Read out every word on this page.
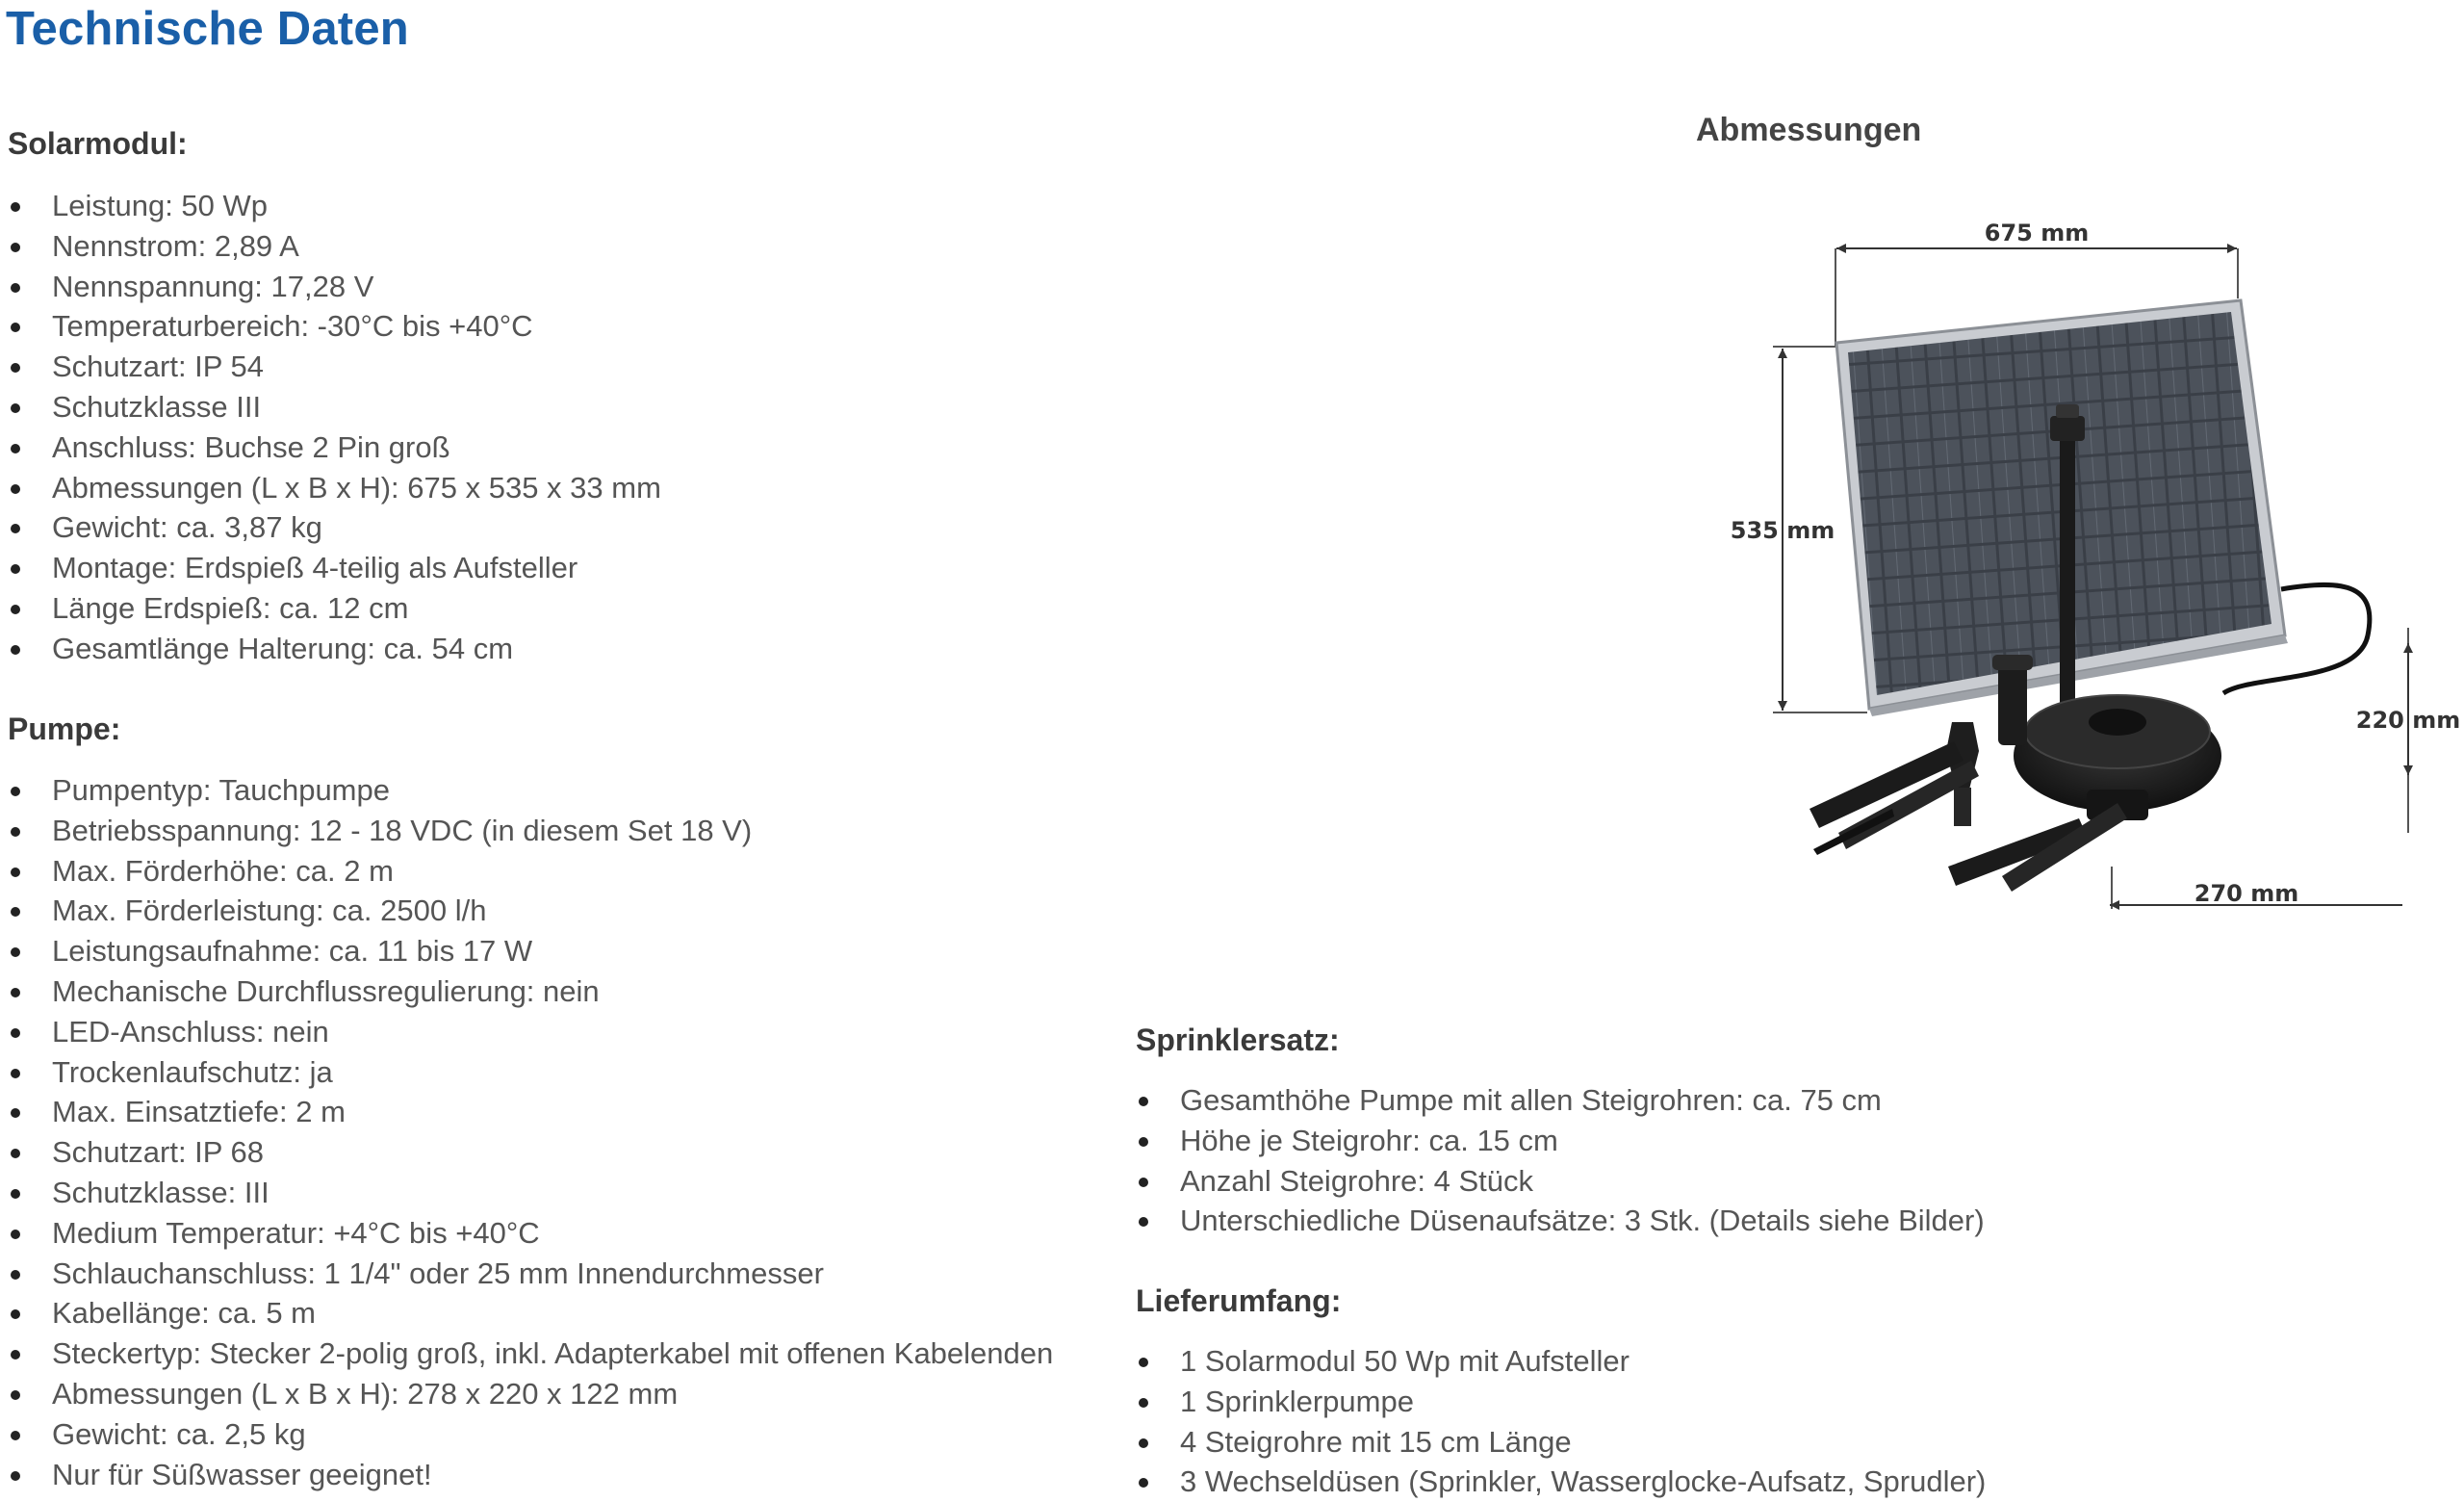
Technische Daten
Solarmodul:
Leistung: 50 Wp
Nennstrom: 2,89 A
Nennspannung: 17,28 V
Temperaturbereich: -30°C bis +40°C
Schutzart: IP 54
Schutzklasse III
Anschluss: Buchse 2 Pin groß
Abmessungen (L x B x H): 675 x 535 x 33 mm
Gewicht: ca. 3,87 kg
Montage: Erdspieß 4-teilig als Aufsteller
Länge Erdspieß: ca. 12 cm
Gesamtlänge Halterung: ca. 54 cm
Pumpe:
Pumpentyp: Tauchpumpe
Betriebsspannung: 12 - 18 VDC (in diesem Set 18 V)
Max. Förderhöhe: ca. 2 m
Max. Förderleistung: ca. 2500 l/h
Leistungsaufnahme: ca. 11 bis 17 W
Mechanische Durchflussregulierung: nein
LED-Anschluss: nein
Trockenlaufschutz: ja
Max. Einsatztiefe: 2 m
Schutzart: IP 68
Schutzklasse: III
Medium Temperatur: +4°C bis +40°C
Schlauchanschluss: 1 1/4" oder 25 mm Innendurchmesser
Kabellänge: ca. 5 m
Steckertyp: Stecker 2-polig groß, inkl. Adapterkabel mit offenen Kabelenden
Abmessungen (L x B x H): 278 x 220 x 122 mm
Gewicht: ca. 2,5 kg
Nur für Süßwasser geeignet!
Abmessungen
675 mm
535 mm
220 mm
270 mm
Sprinklersatz:
Gesamthöhe Pumpe mit allen Steigrohren: ca. 75 cm
Höhe je Steigrohr: ca. 15 cm
Anzahl Steigrohre: 4 Stück
Unterschiedliche Düsenaufsätze: 3 Stk. (Details siehe Bilder)
Lieferumfang:
1 Solarmodul 50 Wp mit Aufsteller
1 Sprinklerpumpe
4 Steigrohre mit 15 cm Länge
3 Wechseldüsen (Sprinkler, Wasserglocke-Aufsatz, Sprudler)
